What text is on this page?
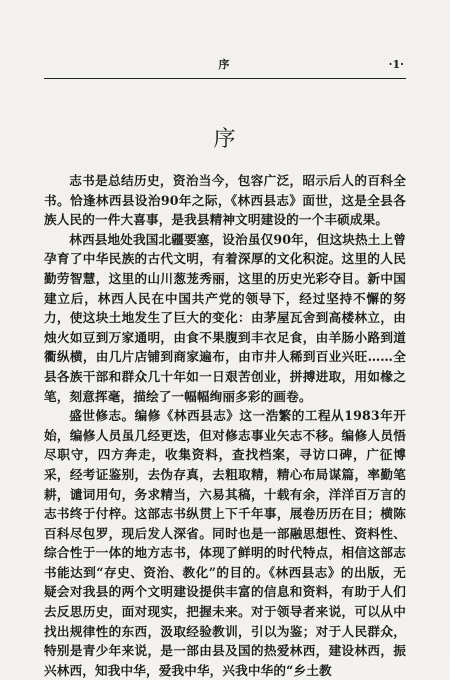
序	·1·
序

志书是总结历史，资治当今，包容广泛，昭示后人的百科全书。恰逢林西县设治90年之际，《林西县志》面世，这是全县各族人民的一件大喜事，是我县精神文明建设的一个丰硕成果。

林西县地处我国北疆要塞，设治虽仅90年，但这块热土上曾孕育了中华民族的古代文明，有着深厚的文化积淀。这里的人民勤劳智慧，这里的山川葱茏秀丽，这里的历史光彩夺目。新中国建立后，林西人民在中国共产党的领导下，经过坚持不懈的努力，使这块土地发生了巨大的变化：由茅屋瓦舍到高楼林立，由烛火如豆到万家通明，由食不果腹到丰衣足食，由羊肠小路到道衢纵横，由几片店铺到商家遍布，由市井人稀到百业兴旺……全县各族干部和群众几十年如一日艰苦创业，拼搏进取，用如椽之笔，刻意挥毫，描绘了一幅幅绚丽多彩的画卷。

盛世修志。编修《林西县志》这一浩繁的工程从1983年开始，编修人员虽几经更迭，但对修志事业矢志不移。编修人员悟尽职守，四方奔走，收集资料，查找档案，寻访口碑，广征博采，经考证鉴别，去伪存真，去粗取精，精心布局谋篇，率勤笔耕，谴词用句，务求精当，六易其稿，十载有余，洋洋百万言的志书终于付梓。这部志书纵贯上下千年事，展卷历历在目；横陈百科尽包罗，现后发人深省。同时也是一部融思想性、资料性、综合性于一体的地方志书，体现了鲜明的时代特点，相信这部志书能达到“存史、资治、教化”的目的。《林西县志》的出版，无疑会对我县的两个文明建设提供丰富的信息和资料，有助于人们去反思历史，面对现实，把握未来。对于领导者来说，可以从中找出规律性的东西，汲取经验教训，引以为鉴；对于人民群众，特别是青少年来说，是一部由县及国的热爱林西，建设林西，振兴林西，知我中华，爱我中华，兴我中华的“乡土教
